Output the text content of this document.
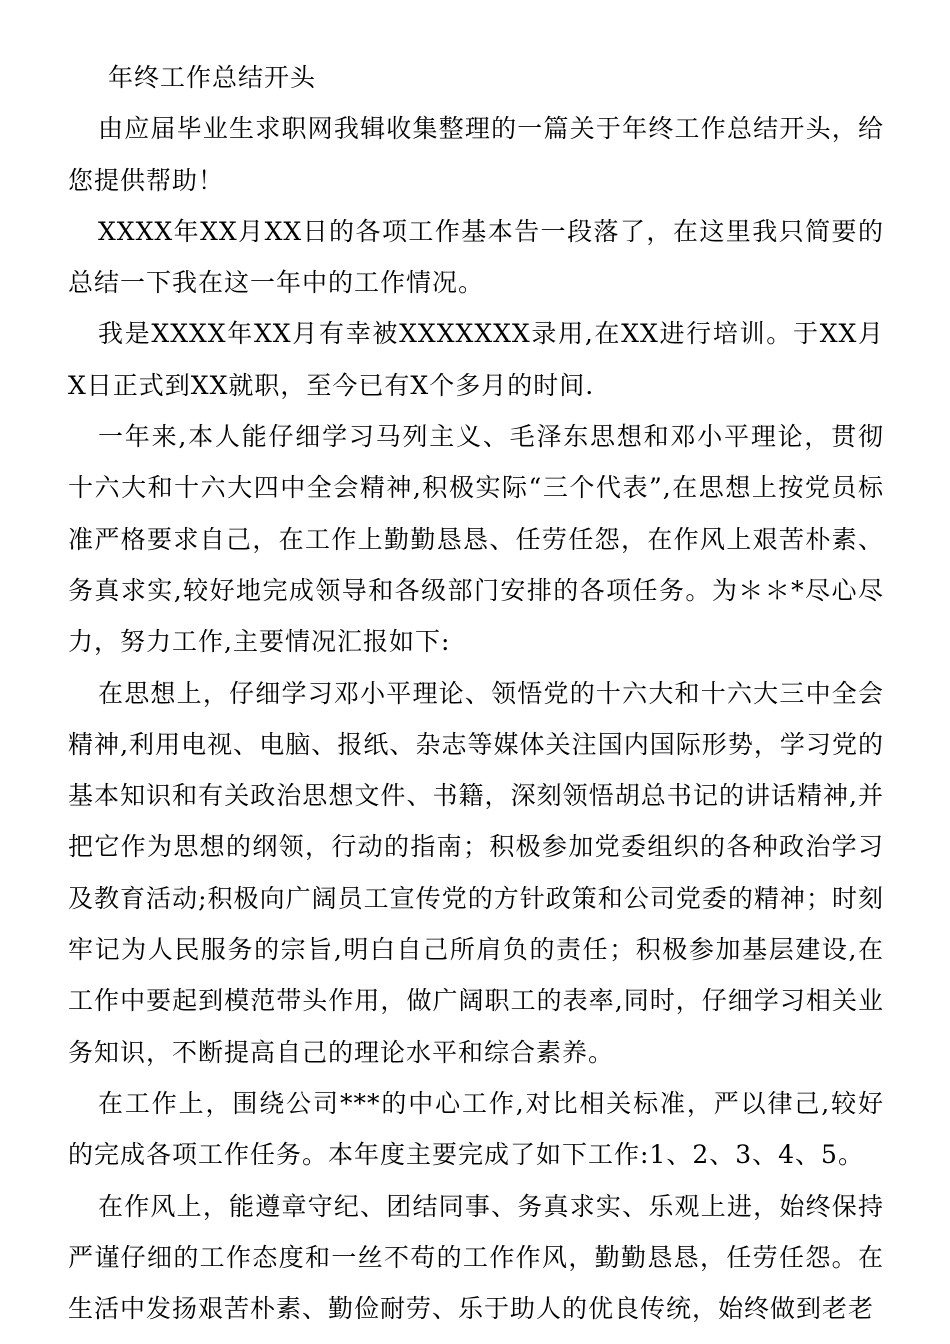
年终工作总结开头

由应届毕业生求职网我辑收集整理的一篇关于年终工作总结开头，给您提供帮助！

XXXX年XX月XX日的各项工作基本告一段落了，在这里我只简要的总结一下我在这一年中的工作情况。

我是XXXX年XX月有幸被XXXXXXX录用,在XX进行培训。于XX月X日正式到XX就职，至今已有X个多月的时间.

一年来,本人能仔细学习马列主义、毛泽东思想和邓小平理论，贯彻十六大和十六大四中全会精神,积极实际“三个代表”,在思想上按党员标准严格要求自己，在工作上勤勤恳恳、任劳任怨，在作风上艰苦朴素、务真求实,较好地完成领导和各级部门安排的各项任务。为＊＊*尽心尽力，努力工作,主要情况汇报如下:

在思想上，仔细学习邓小平理论、领悟党的十六大和十六大三中全会精神,利用电视、电脑、报纸、杂志等媒体关注国内国际形势，学习党的基本知识和有关政治思想文件、书籍，深刻领悟胡总书记的讲话精神,并把它作为思想的纲领，行动的指南；积极参加党委组织的各种政治学习及教育活动;积极向广阔员工宣传党的方针政策和公司党委的精神；时刻牢记为人民服务的宗旨,明白自己所肩负的责任；积极参加基层建设,在工作中要起到模范带头作用，做广阔职工的表率,同时，仔细学习相关业务知识，不断提高自己的理论水平和综合素养。

在工作上，围绕公司***的中心工作,对比相关标准，严以律己,较好的完成各项工作任务。本年度主要完成了如下工作:1、2、3、4、5。

在作风上，能遵章守纪、团结同事、务真求实、乐观上进，始终保持严谨仔细的工作态度和一丝不苟的工作作风，勤勤恳恳，任劳任怨。在生活中发扬艰苦朴素、勤俭耐劳、乐于助人的优良传统，始终做到老老
